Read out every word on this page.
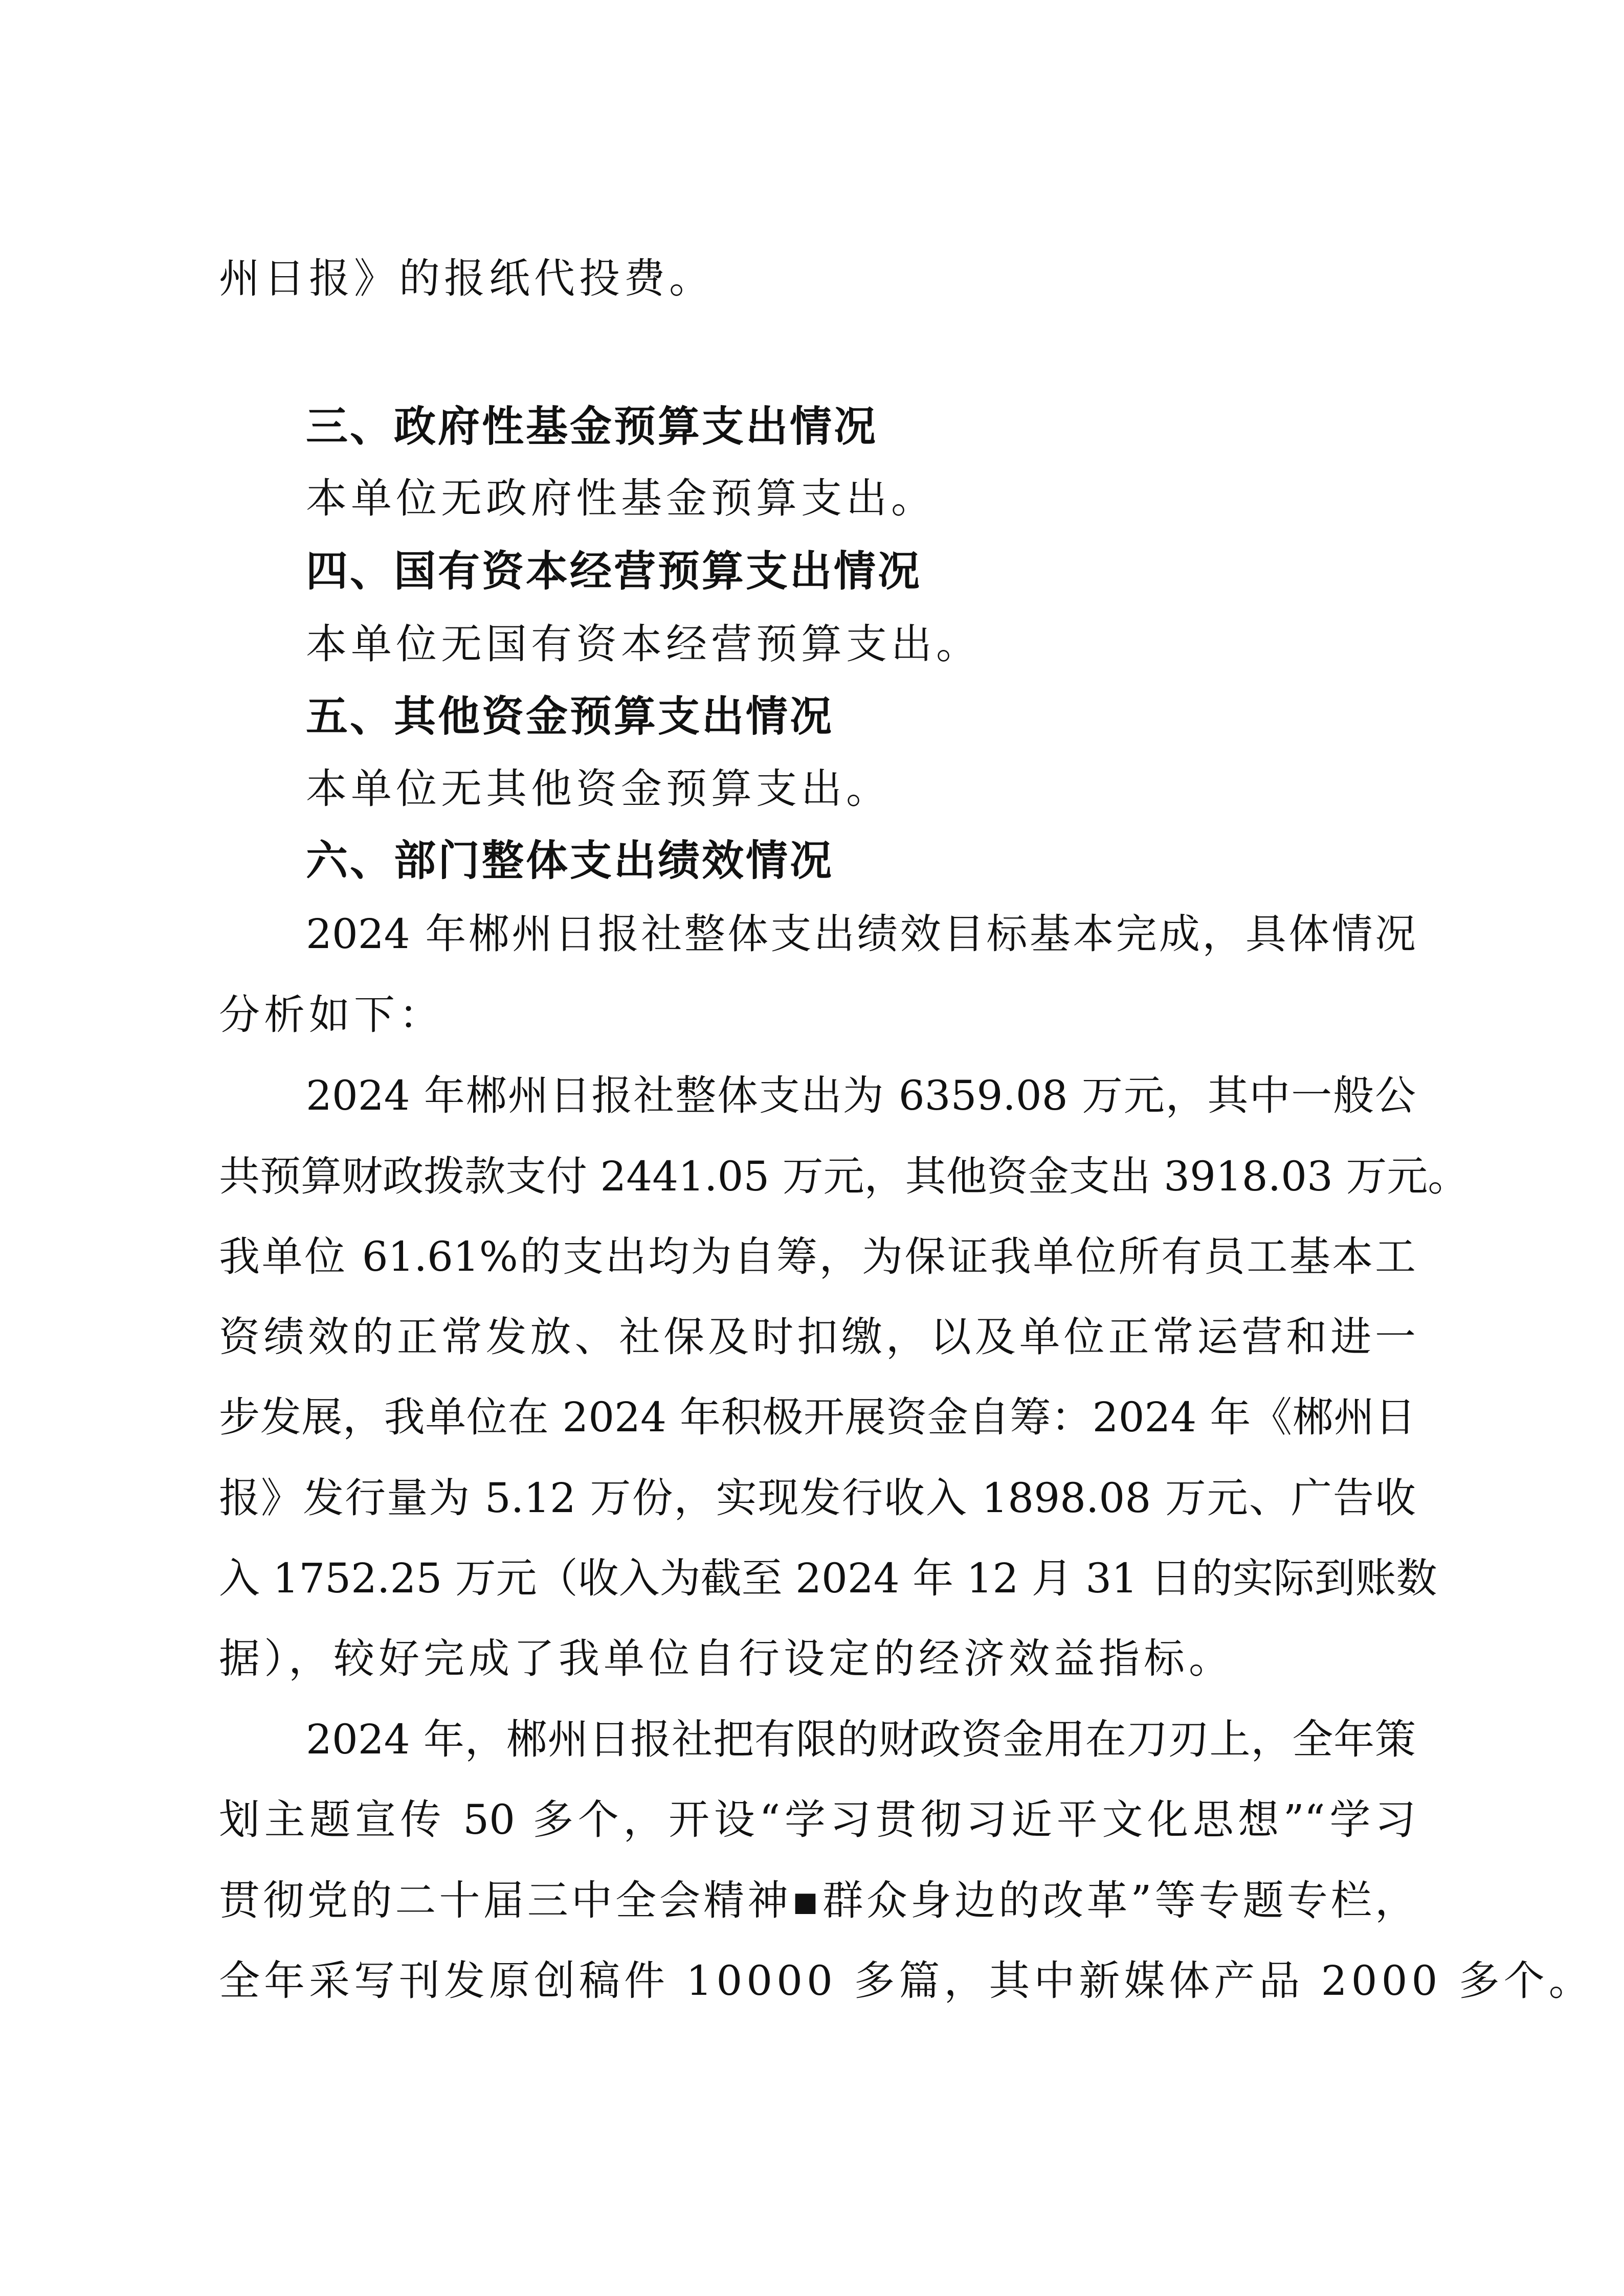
州日报》的报纸代投费。
三、政府性基金预算支出情况
本单位无政府性基金预算支出。
四、国有资本经营预算支出情况
本单位无国有资本经营预算支出。
五、其他资金预算支出情况
本单位无其他资金预算支出。
六、部门整体支出绩效情况
2024 年郴州日报社整体支出绩效目标基本完成，具体情况
分析如下：
2024 年郴州日报社整体支出为 6359.08 万元，其中一般公
共预算财政拨款支付 2441.05 万元，其他资金支出 3918.03 万元。
我单位 61.61%的支出均为自筹，为保证我单位所有员工基本工
资绩效的正常发放、社保及时扣缴，以及单位正常运营和进一
步发展，我单位在 2024 年积极开展资金自筹：2024 年《郴州日
报》发行量为 5.12 万份，实现发行收入 1898.08 万元、广告收
入 1752.25 万元（收入为截至 2024 年 12 月 31 日的实际到账数
据），较好完成了我单位自行设定的经济效益指标。
2024 年，郴州日报社把有限的财政资金用在刀刃上，全年策
划主题宣传 50 多个，开设“学习贯彻习近平文化思想”“学习
贯彻党的二十届三中全会精神▪群众身边的改革”等专题专栏，
全年采写刊发原创稿件 10000 多篇，其中新媒体产品 2000 多个。
